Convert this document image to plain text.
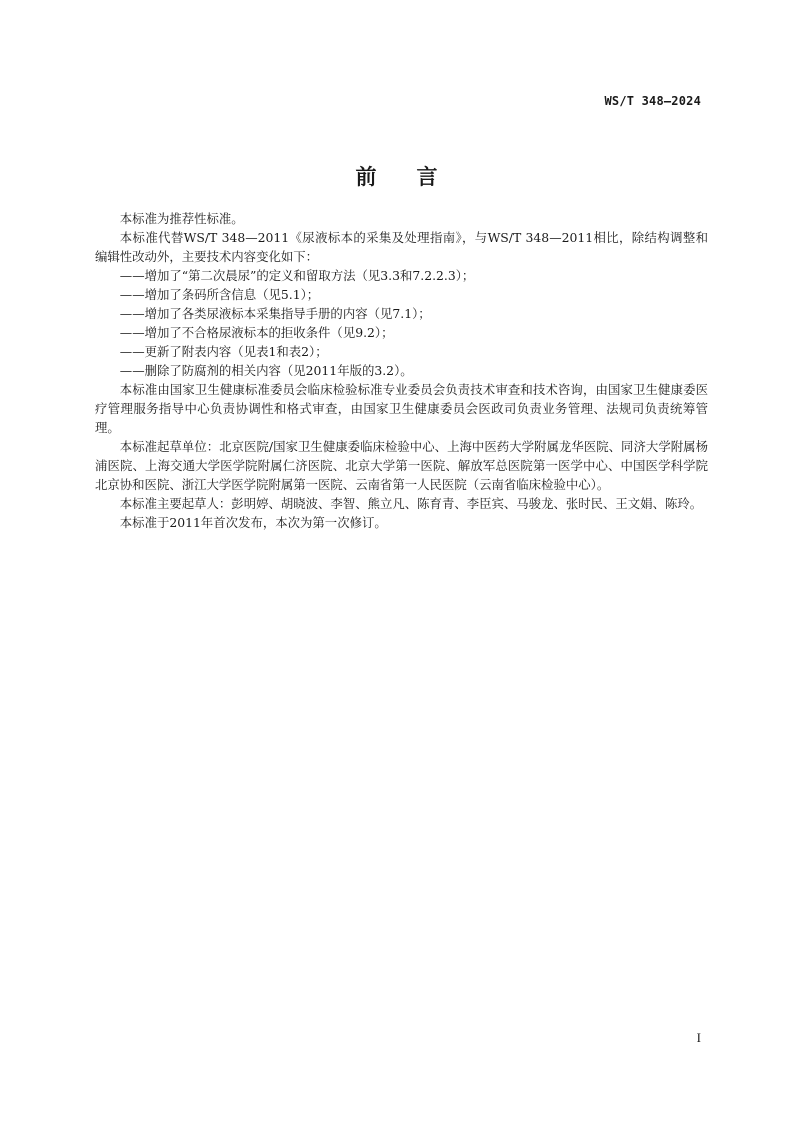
WS/T 348—2024
前言

本标准为推荐性标准。

本标准代替WS/T 348—2011《尿液标本的采集及处理指南》，与WS/T 348—2011相比，除结构调整和编辑性改动外，主要技术内容变化如下：

——增加了“第二次晨尿”的定义和留取方法（见3.3和7.2.2.3）；

——增加了条码所含信息（见5.1）；

——增加了各类尿液标本采集指导手册的内容（见7.1）；

——增加了不合格尿液标本的拒收条件（见9.2）；

——更新了附表内容（见表1和表2）；

——删除了防腐剂的相关内容（见2011年版的3.2）。

本标准由国家卫生健康标准委员会临床检验标准专业委员会负责技术审查和技术咨询，由国家卫生健康委医疗管理服务指导中心负责协调性和格式审查，由国家卫生健康委员会医政司负责业务管理、法规司负责统筹管理。

本标准起草单位：北京医院/国家卫生健康委临床检验中心、上海中医药大学附属龙华医院、同济大学附属杨浦医院、上海交通大学医学院附属仁济医院、北京大学第一医院、解放军总医院第一医学中心、中国医学科学院北京协和医院、浙江大学医学院附属第一医院、云南省第一人民医院（云南省临床检验中心）。

本标准主要起草人：彭明婷、胡晓波、李智、熊立凡、陈育青、李臣宾、马骏龙、张时民、王文娟、陈玲。

本标准于2011年首次发布，本次为第一次修订。

I
